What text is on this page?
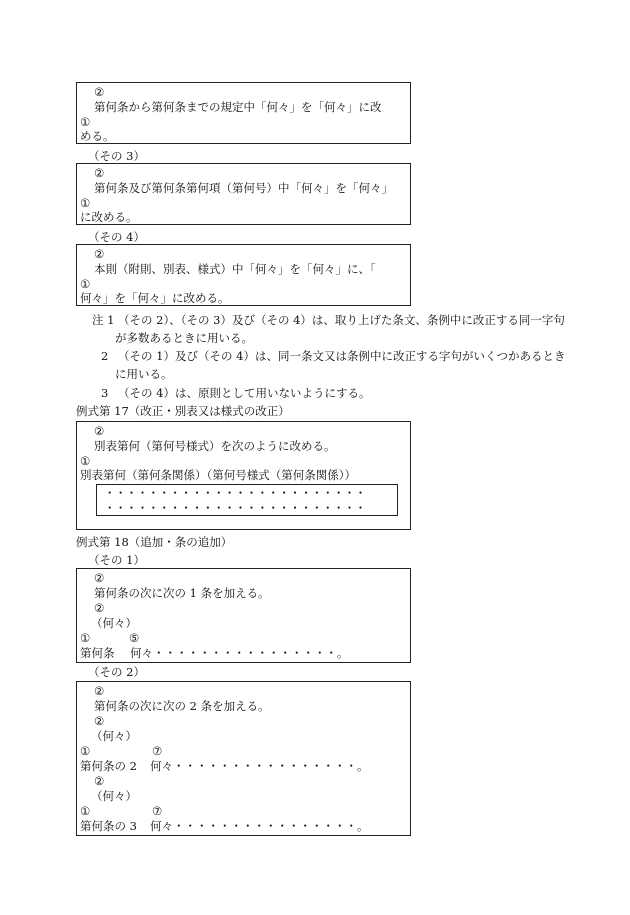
②
第何条から第何条までの規定中「何々」を「何々」に改
①
める。
（その 3）
②
第何条及び第何条第何項（第何号）中「何々」を「何々」
①
に改める。
（その 4）
②
本則（附則、別表、様式）中「何々」を「何々」に、「
①
何々」を「何々」に改める。
注 1 （その 2）、（その 3）及び（その 4）は、取り上げた条文、条例中に改正する同一字句
が多数あるときに用いる。
2 （その 1）及び（その 4）は、同一条文又は条例中に改正する字句がいくつかあるとき
に用いる。
3 （その 4）は、原則として用いないようにする。
例式第 17（改正・別表又は様式の改正）
②
別表第何（第何号様式）を次のように改める。
①
別表第何（第何条関係）（第何号様式（第何条関係））
・・・・・・・・・・・・・・・・・・・・・・・・
・・・・・・・・・・・・・・・・・・・・・・・・
例式第 18（追加・条の追加）
（その 1）
②
第何条の次に次の 1 条を加える。
②
（何々）
①	⑤
第何条 何々・・・・・・・・・・・・・・・・。
（その 2）
②
第何条の次に次の 2 条を加える。
②
（何々）
①	⑦
第何条の 2 何々・・・・・・・・・・・・・・・・。
②
（何々）
①	⑦
第何条の 3 何々・・・・・・・・・・・・・・・・。
